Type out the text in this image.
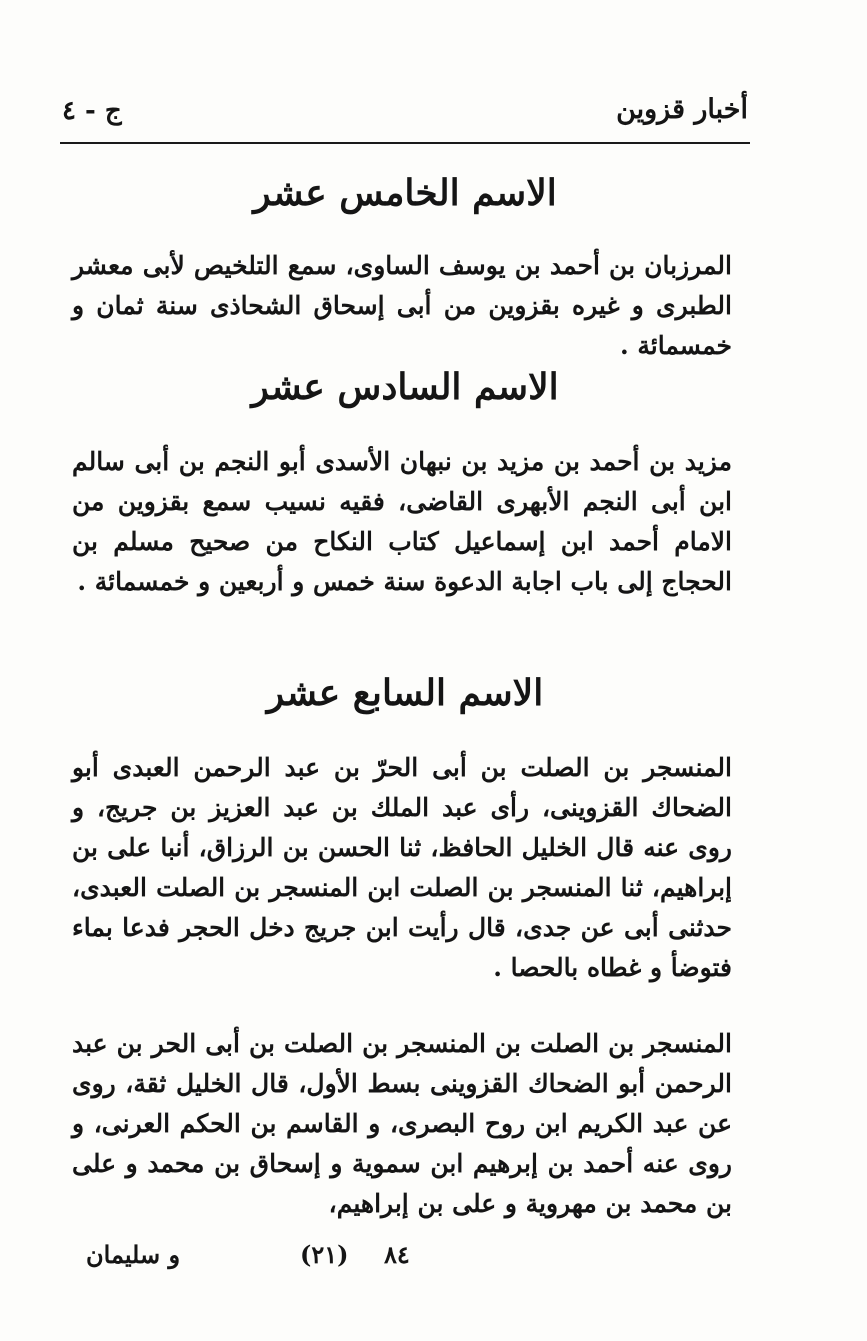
أخبار قزوين
ج - ٤
الاسم الخامس عشر

المرزبان بن أحمد بن يوسف الساوى، سمع التلخيص لأبى معشر الطبرى و غيره بقزوين من أبى إسحاق الشحاذى سنة ثمان و خمسمائة .

الاسم السادس عشر

مزيد بن أحمد بن مزيد بن نبهان الأسدى أبو النجم بن أبى سالم ابن أبى النجم الأبهرى القاضى، فقيه نسيب سمع بقزوين من الامام أحمد ابن إسماعيل كتاب النكاح من صحيح مسلم بن الحجاج إلى باب اجابة الدعوة سنة خمس و أربعين و خمسمائة .

الاسم السابع عشر

المنسجر بن الصلت بن أبى الحرّ بن عبد الرحمن العبدى أبو الضحاك القزوينى، رأى عبد الملك بن عبد العزيز بن جريج، و روى عنه قال الخليل الحافظ، ثنا الحسن بن الرزاق، أنبا على بن إبراهيم، ثنا المنسجر بن الصلت ابن المنسجر بن الصلت العبدى، حدثنى أبى عن جدى، قال رأيت ابن جريج دخل الحجر فدعا بماء فتوضأ و غطاه بالحصا .

المنسجر بن الصلت بن المنسجر بن الصلت بن أبى الحر بن عبد الرحمن أبو الضحاك القزوينى بسط الأول، قال الخليل ثقة، روى عن عبد الكريم ابن روح البصرى، و القاسم بن الحكم العرنى، و روى عنه أحمد بن إبرهيم ابن سموية و إسحاق بن محمد و على بن محمد بن مهروية و على بن إبراهيم،

و سليمان	(٢١) ٨٤
